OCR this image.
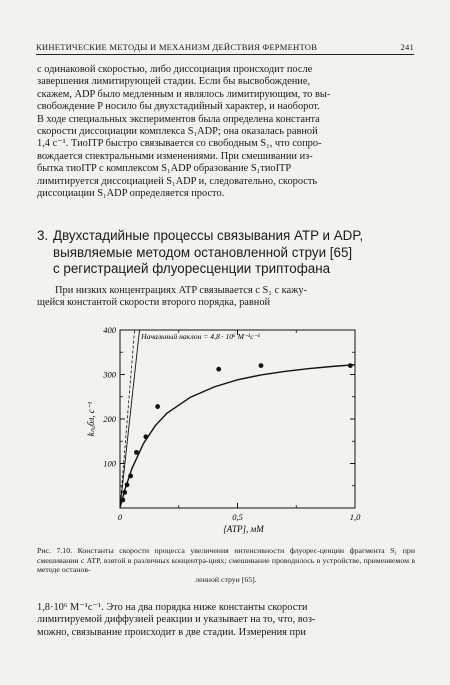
КИНЕТИЧЕСКИЕ МЕТОДЫ И МЕХАНИЗМ ДЕЙСТВИЯ ФЕРМЕНТОВ	241

с одинаковой скоростью, либо диссоциация происходит после

завершения лимитирующей стадии. Если бы высвобождение,

скажем, ADP было медленным и являлось лимитирующим, то вы-

свобождение P носило бы двухстадийный характер, и наоборот.

В ходе специальных экспериментов была определена константа

скорости диссоциации комплекса S₁ADP; она оказалась равной

1,4 с⁻¹. ТиоITP быстро связывается со свободным S₁, что сопро-

вождается спектральными изменениями. При смешивании из-

бытка тиоITP с комплексом S₁ADP образование S₁тиоITP

лимитируется диссоциацией S₁ADP и, следовательно, скорость

диссоциации S₁ADP определяется просто.

3. Двухстадийные процессы связывания ATP и ADP,
выявляемые методом остановленной струи [65]
с регистрацией флуоресценции триптофана

При низких концентрациях ATP связывается с S₁ с кажу-

щейся константой скорости второго порядка, равной

100
200
300
400
0	0,5	1,0
[ATP], мМ
kₙₐбл, с⁻¹
Начальный наклон = 4,8 · 10⁶ М⁻¹с⁻¹
Рис. 7.10. Константы скорости процесса увеличения интенсивности флуорес-ценции фрагмента S₁ при смешивании с ATP, взятой в различных концентра-циях; смешивание проводилось в устройстве, применяемом в методе останов-
ленной струи [65].

1,8·10⁶ М⁻¹с⁻¹. Это на два порядка ниже константы скорости

лимитируемой диффузией реакции и указывает на то, что, воз-

можно, связывание происходит в две стадии. Измерения при
